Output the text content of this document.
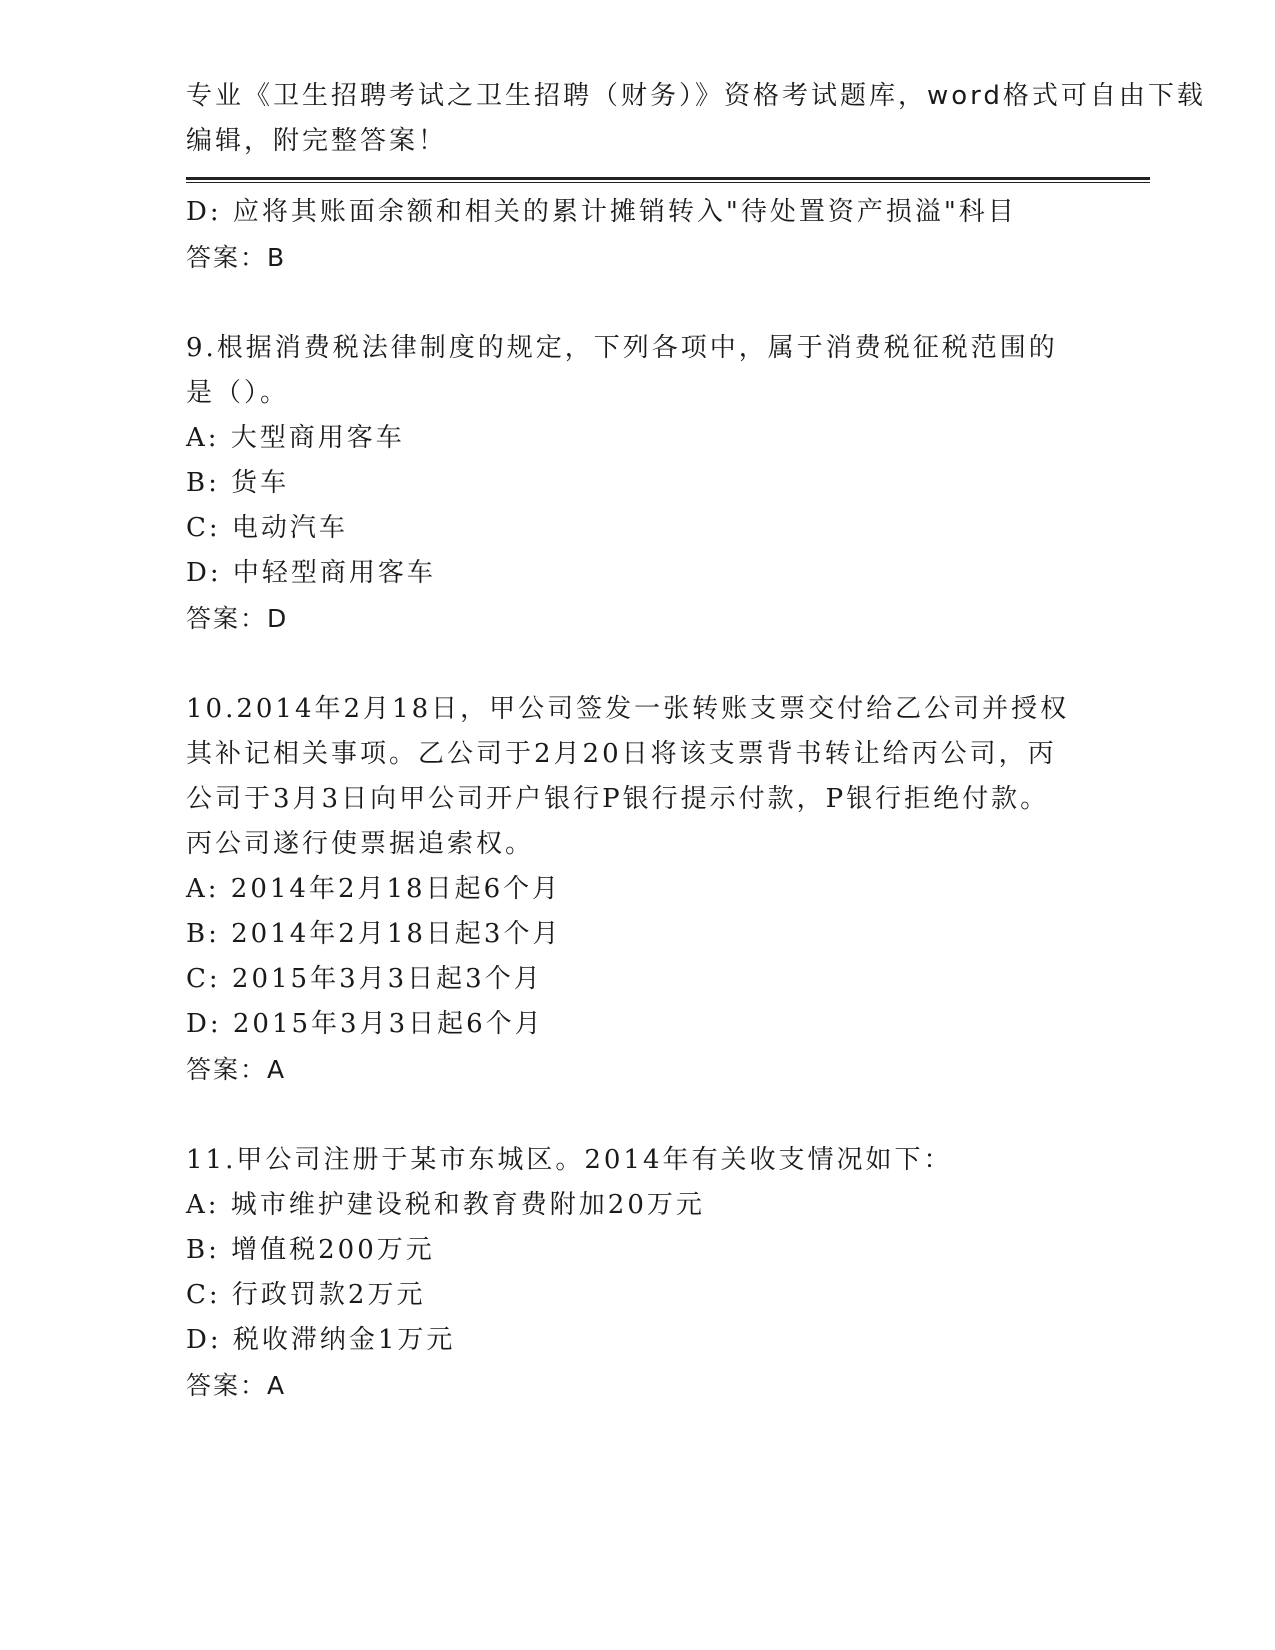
专业《卫生招聘考试之卫生招聘（财务）》资格考试题库，word格式可自由下载
编辑，附完整答案！
D: 应将其账面余额和相关的累计摊销转入"待处置资产损溢"科目
答案：B
9.根据消费税法律制度的规定，下列各项中，属于消费税征税范围的
是（）。
A: 大型商用客车
B: 货车
C: 电动汽车
D: 中轻型商用客车
答案：D
10.2014年2月18日，甲公司签发一张转账支票交付给乙公司并授权
其补记相关事项。乙公司于2月20日将该支票背书转让给丙公司，丙
公司于3月3日向甲公司开户银行P银行提示付款，P银行拒绝付款。
丙公司遂行使票据追索权。
A: 2014年2月18日起6个月
B: 2014年2月18日起3个月
C: 2015年3月3日起3个月
D: 2015年3月3日起6个月
答案：A
11.甲公司注册于某市东城区。2014年有关收支情况如下：
A: 城市维护建设税和教育费附加20万元
B: 增值税200万元
C: 行政罚款2万元
D: 税收滞纳金1万元
答案：A
